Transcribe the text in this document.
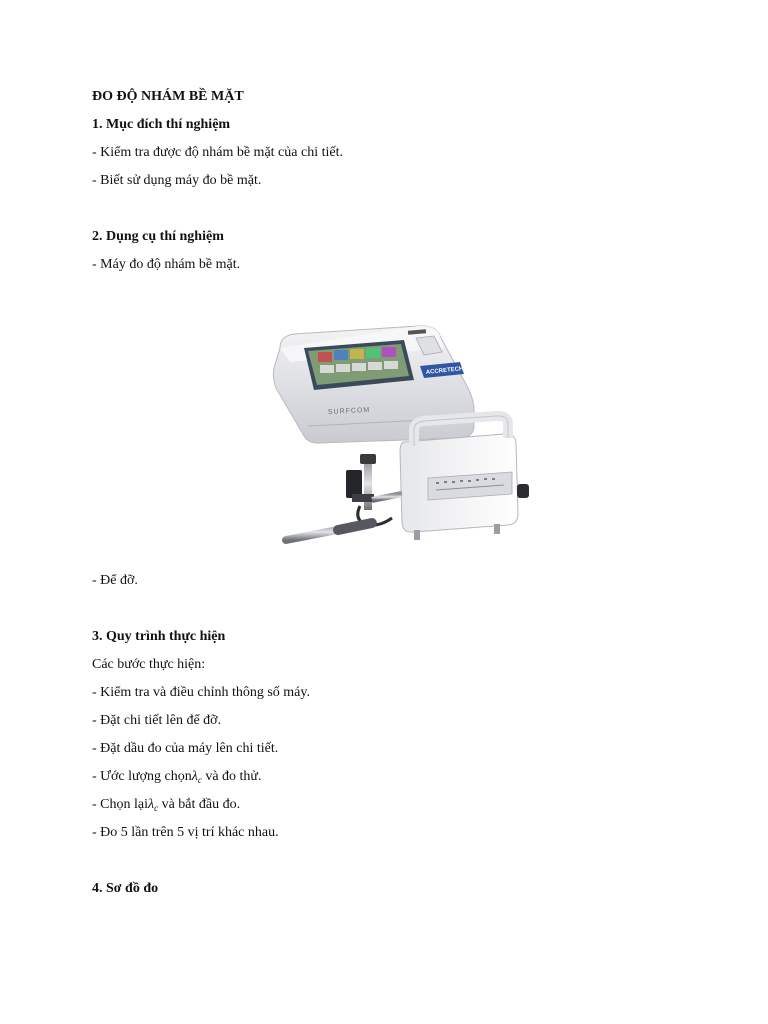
ĐO ĐỘ NHÁM BỀ MẶT
1. Mục đích thí nghiệm
- Kiểm tra được độ nhám bề mặt của chi tiết.
- Biết sử dụng máy đo bề mặt.
2. Dụng cụ thí nghiệm
- Máy đo độ nhám bề mặt.
ACCRETECH
SURFCOM
- Để đỡ.
3. Quy trình thực hiện
Các bước thực hiện:
- Kiểm tra và điều chỉnh thông số máy.
- Đặt chi tiết lên để đỡ.
- Đặt dầu đo của máy lên chi tiết.
- Ước lượng chọnλ$_c$ và đo thử.
- Chọn lạiλ$_c$ và bắt đầu đo.
- Đo 5 lần trên 5 vị trí khác nhau.
4. Sơ đồ đo
